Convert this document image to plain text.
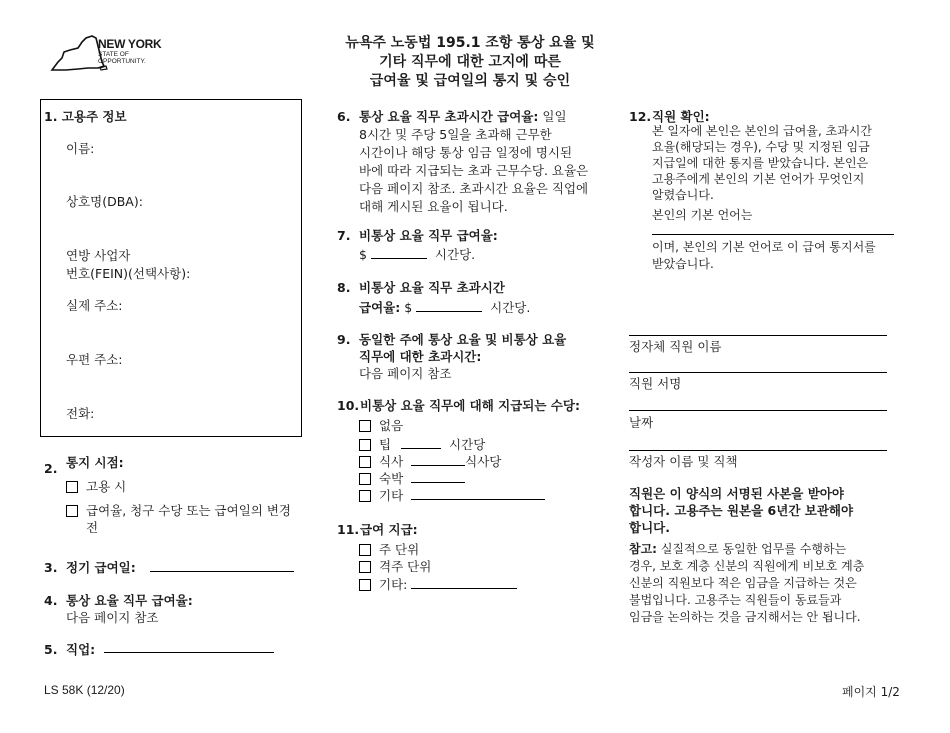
NEW YORK
STATE OF
OPPORTUNITY.
뉴욕주 노동법 195.1 조항 통상 요율 및
기타 직무에 대한 고지에 따른
급여율 및 급여일의 통지 및 승인
1. 고용주 정보
이름:
상호명(DBA):
연방 사업자
번호(FEIN)(선택사항):
실제 주소:
우편 주소:
전화:
2. 통지 시점:
고용 시
급여율, 청구 수당 또는 급여일의 변경
전
3. 정기 급여일:
4. 통상 요율 직무 급여율:
다음 페이지 참조
5. 직업:
6. 통상 요율 직무 초과시간 급여율: 일일
8시간 및 주당 5일을 초과해 근무한
시간이나 해당 통상 임금 일정에 명시된
바에 따라 지급되는 초과 근무수당. 요율은
다음 페이지 참조. 초과시간 요율은 직업에
대해 게시된 요율이 됩니다.
7. 비통상 요율 직무 급여율:
$	시간당.
8. 비통상 요율 직무 초과시간
급여율: $	시간당.
9. 동일한 주에 통상 요율 및 비통상 요율
직무에 대한 초과시간:
다음 페이지 참조
10. 비통상 요율 직무에 대해 지급되는 수당:
없음
팁	시간당
식사	식사당
숙박
기타
11. 급여 지급:
주 단위
격주 단위
기타:
12. 직원 확인:
본 일자에 본인은 본인의 급여율, 초과시간
요율(해당되는 경우), 수당 및 지정된 임금
지급일에 대한 통지를 받았습니다. 본인은
고용주에게 본인의 기본 언어가 무엇인지
알렸습니다.
본인의 기본 언어는
이며, 본인의 기본 언어로 이 급여 통지서를
받았습니다.
정자체 직원 이름
직원 서명
날짜
작성자 이름 및 직책
직원은 이 양식의 서명된 사본을 받아야
합니다. 고용주는 원본을 6년간 보관해야
합니다.
참고: 실질적으로 동일한 업무를 수행하는
경우, 보호 계층 신분의 직원에게 비보호 계층
신분의 직원보다 적은 임금을 지급하는 것은
불법입니다. 고용주는 직원들이 동료들과
임금을 논의하는 것을 금지해서는 안 됩니다.
LS 58K (12/20)	페이지 1/2
